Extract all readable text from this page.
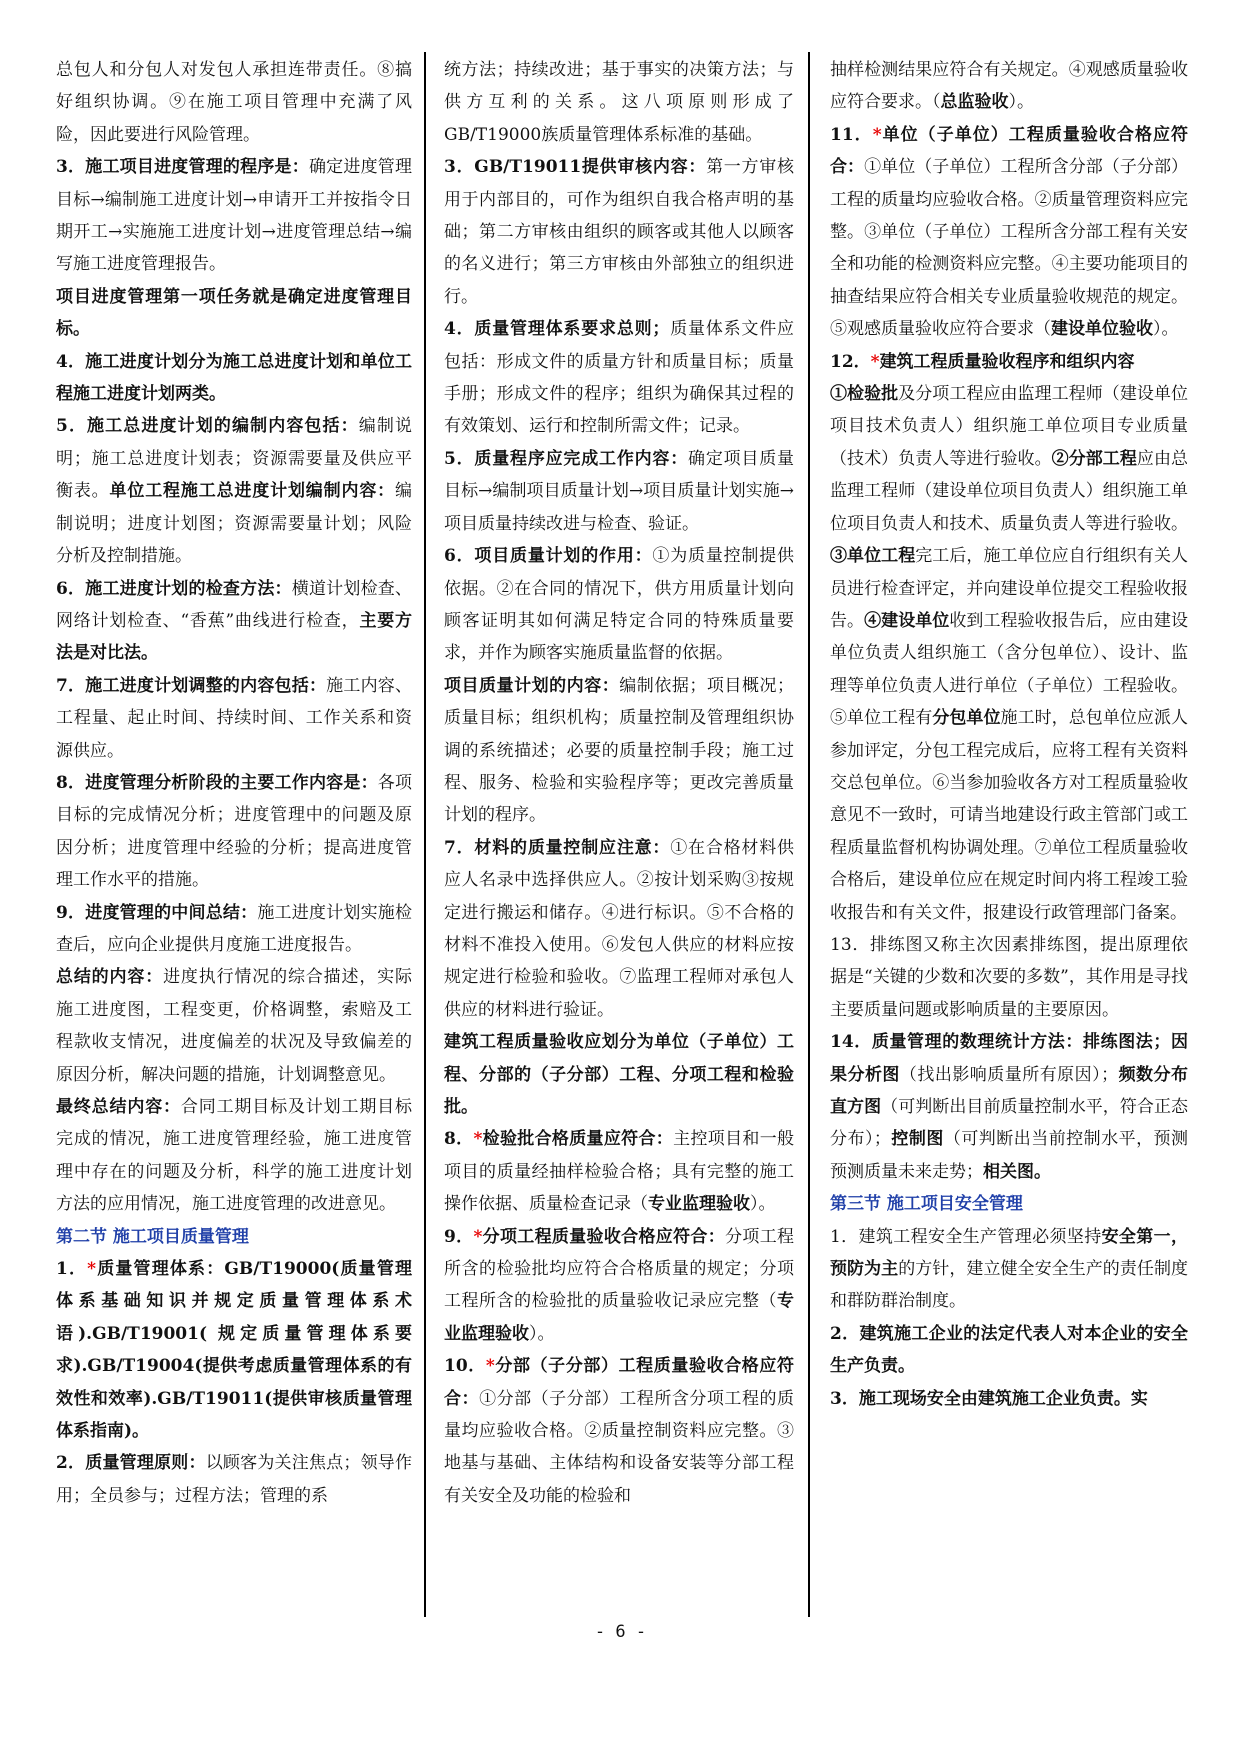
总包人和分包人对发包人承担连带责任。⑧搞好组织协调。⑨在施工项目管理中充满了风险，因此要进行风险管理。

3．施工项目进度管理的程序是：确定进度管理目标→编制施工进度计划→申请开工并按指令日期开工→实施施工进度计划→进度管理总结→编写施工进度管理报告。

项目进度管理第一项任务就是确定进度管理目标。

4．施工进度计划分为施工总进度计划和单位工程施工进度计划两类。

5．施工总进度计划的编制内容包括：编制说明；施工总进度计划表；资源需要量及供应平衡表。单位工程施工总进度计划编制内容：编制说明；进度计划图；资源需要量计划；风险分析及控制措施。

6．施工进度计划的检查方法：横道计划检查、网络计划检查、“香蕉”曲线进行检查，主要方法是对比法。

7．施工进度计划调整的内容包括：施工内容、工程量、起止时间、持续时间、工作关系和资源供应。

8．进度管理分析阶段的主要工作内容是：各项目标的完成情况分析；进度管理中的问题及原因分析；进度管理中经验的分析；提高进度管理工作水平的措施。

9．进度管理的中间总结：施工进度计划实施检查后，应向企业提供月度施工进度报告。

总结的内容：进度执行情况的综合描述，实际施工进度图，工程变更，价格调整，索赔及工程款收支情况，进度偏差的状况及导致偏差的原因分析，解决问题的措施，计划调整意见。

最终总结内容：合同工期目标及计划工期目标完成的情况，施工进度管理经验，施工进度管理中存在的问题及分析，科学的施工进度计划方法的应用情况，施工进度管理的改进意见。

第二节 施工项目质量管理

1．*质量管理体系：GB/T19000(质量管理体系基础知识并规定质量管理体系术语).GB/T19001( 规定质量管理体系要求).GB/T19004(提供考虑质量管理体系的有效性和效率).GB/T19011(提供审核质量管理体系指南)。

2．质量管理原则：以顾客为关注焦点；领导作用；全员参与；过程方法；管理的系

统方法；持续改进；基于事实的决策方法；与供方互利的关系。这八项原则形成了GB/T19000族质量管理体系标准的基础。

3．GB/T19011提供审核内容：第一方审核用于内部目的，可作为组织自我合格声明的基础；第二方审核由组织的顾客或其他人以顾客的名义进行；第三方审核由外部独立的组织进行。

4．质量管理体系要求总则；质量体系文件应包括：形成文件的质量方针和质量目标；质量手册；形成文件的程序；组织为确保其过程的有效策划、运行和控制所需文件；记录。

5．质量程序应完成工作内容：确定项目质量目标→编制项目质量计划→项目质量计划实施→项目质量持续改进与检查、验证。

6．项目质量计划的作用：①为质量控制提供依据。②在合同的情况下，供方用质量计划向顾客证明其如何满足特定合同的特殊质量要求，并作为顾客实施质量监督的依据。

项目质量计划的内容：编制依据；项目概况；质量目标；组织机构；质量控制及管理组织协调的系统描述；必要的质量控制手段；施工过程、服务、检验和实验程序等；更改完善质量计划的程序。

7．材料的质量控制应注意：①在合格材料供应人名录中选择供应人。②按计划采购③按规定进行搬运和储存。④进行标识。⑤不合格的材料不准投入使用。⑥发包人供应的材料应按规定进行检验和验收。⑦监理工程师对承包人供应的材料进行验证。

建筑工程质量验收应划分为单位（子单位）工程、分部的（子分部）工程、分项工程和检验批。

8．*检验批合格质量应符合：主控项目和一般项目的质量经抽样检验合格；具有完整的施工操作依据、质量检查记录（专业监理验收）。

9．*分项工程质量验收合格应符合：分项工程所含的检验批均应符合合格质量的规定；分项工程所含的检验批的质量验收记录应完整（专业监理验收）。

10．*分部（子分部）工程质量验收合格应符合：①分部（子分部）工程所含分项工程的质量均应验收合格。②质量控制资料应完整。③地基与基础、主体结构和设备安装等分部工程有关安全及功能的检验和

抽样检测结果应符合有关规定。④观感质量验收应符合要求。（总监验收）。

11．*单位（子单位）工程质量验收合格应符合：①单位（子单位）工程所含分部（子分部）工程的质量均应验收合格。②质量管理资料应完整。③单位（子单位）工程所含分部工程有关安全和功能的检测资料应完整。④主要功能项目的抽查结果应符合相关专业质量验收规范的规定。⑤观感质量验收应符合要求（建设单位验收）。

12．*建筑工程质量验收程序和组织内容

①检验批及分项工程应由监理工程师（建设单位项目技术负责人）组织施工单位项目专业质量（技术）负责人等进行验收。②分部工程应由总监理工程师（建设单位项目负责人）组织施工单位项目负责人和技术、质量负责人等进行验收。③单位工程完工后，施工单位应自行组织有关人员进行检查评定，并向建设单位提交工程验收报告。④建设单位收到工程验收报告后，应由建设单位负责人组织施工（含分包单位）、设计、监理等单位负责人进行单位（子单位）工程验收。⑤单位工程有分包单位施工时，总包单位应派人参加评定，分包工程完成后，应将工程有关资料交总包单位。⑥当参加验收各方对工程质量验收意见不一致时，可请当地建设行政主管部门或工程质量监督机构协调处理。⑦单位工程质量验收合格后，建设单位应在规定时间内将工程竣工验收报告和有关文件，报建设行政管理部门备案。

13．排练图又称主次因素排练图，提出原理依据是“关键的少数和次要的多数”，其作用是寻找主要质量问题或影响质量的主要原因。

14．质量管理的数理统计方法：排练图法；因果分析图（找出影响质量所有原因）；频数分布直方图（可判断出目前质量控制水平，符合正态分布）；控制图（可判断出当前控制水平，预测预测质量未来走势；相关图。

第三节 施工项目安全管理

1．建筑工程安全生产管理必须坚持安全第一，预防为主的方针，建立健全安全生产的责任制度和群防群治制度。

2．建筑施工企业的法定代表人对本企业的安全生产负责。

3．施工现场安全由建筑施工企业负责。实

- 6 -
